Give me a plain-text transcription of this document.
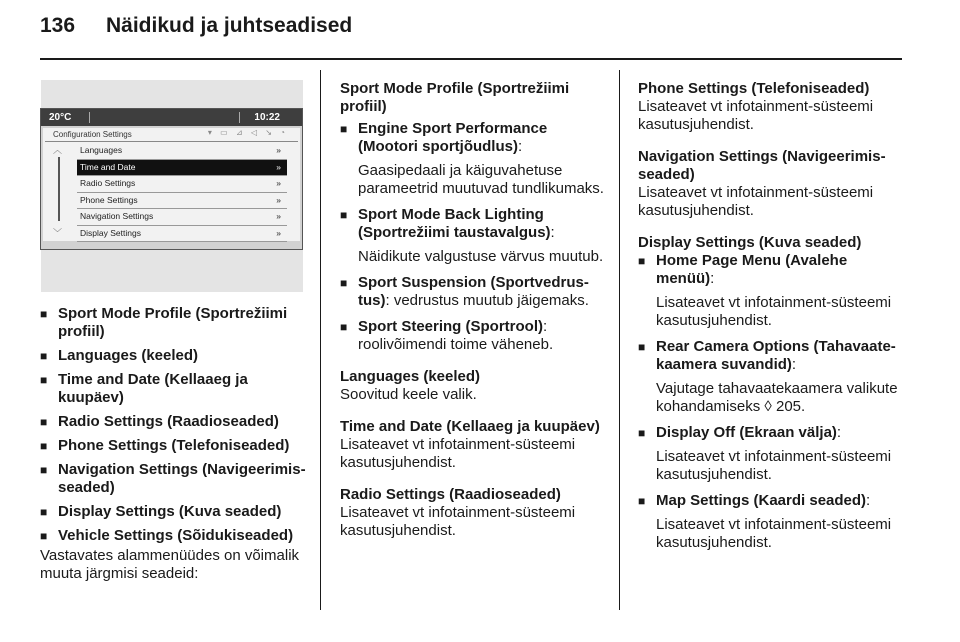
136 Näidikud ja juhtseadised
20°C	10:22
Configuration Settings	▾ ▭ ⊿ ◁ ↘ ◔
︿
﹀
Languages	»
Time and Date	»
Radio Settings	»
Phone Settings	»
Navigation Settings	»
Display Settings	»

■ Sport Mode Profile (Sportrežiimi profiil)

■ Languages (keeled)

■ Time and Date (Kellaaeg ja kuupäev)

■ Radio Settings (Raadioseaded)

■ Phone Settings (Telefoniseaded)

■ Navigation Settings (Navigeerimis-seaded)

■ Display Settings (Kuva seaded)

■ Vehicle Settings (Sõidukiseaded)

Vastavates alammenüüdes on võimalik muuta järgmisi seadeid:

Sport Mode Profile (Sportrežiimi profiil)

■ Engine Sport Performance (Mootori sportjõudlus):

Gaasipedaali ja käiguvahetuse parameetrid muutuvad tundlikumaks.

■ Sport Mode Back Lighting (Sportrežiimi taustavalgus):

Näidikute valgustuse värvus muutub.

■ Sport Suspension (Sportvedrus-tus): vedrustus muutub jäigemaks.

■ Sport Steering (Sportrool):
roolivõimendi toime väheneb.

Languages (keeled)

Soovitud keele valik.

Time and Date (Kellaaeg ja kuupäev)

Lisateavet vt infotainment-süsteemi kasutusjuhendist.

Radio Settings (Raadioseaded)

Lisateavet vt infotainment-süsteemi kasutusjuhendist.

Phone Settings (Telefoniseaded)

Lisateavet vt infotainment-süsteemi kasutusjuhendist.

Navigation Settings (Navigeerimis-seaded)

Lisateavet vt infotainment-süsteemi kasutusjuhendist.

Display Settings (Kuva seaded)

■ Home Page Menu (Avalehe menüü):

Lisateavet vt infotainment-süsteemi kasutusjuhendist.

■ Rear Camera Options (Tahavaate-kaamera suvandid):

Vajutage tahavaatekaamera valikute kohandamiseks ◊ 205.

■ Display Off (Ekraan välja):

Lisateavet vt infotainment-süsteemi kasutusjuhendist.

■ Map Settings (Kaardi seaded):

Lisateavet vt infotainment-süsteemi kasutusjuhendist.
